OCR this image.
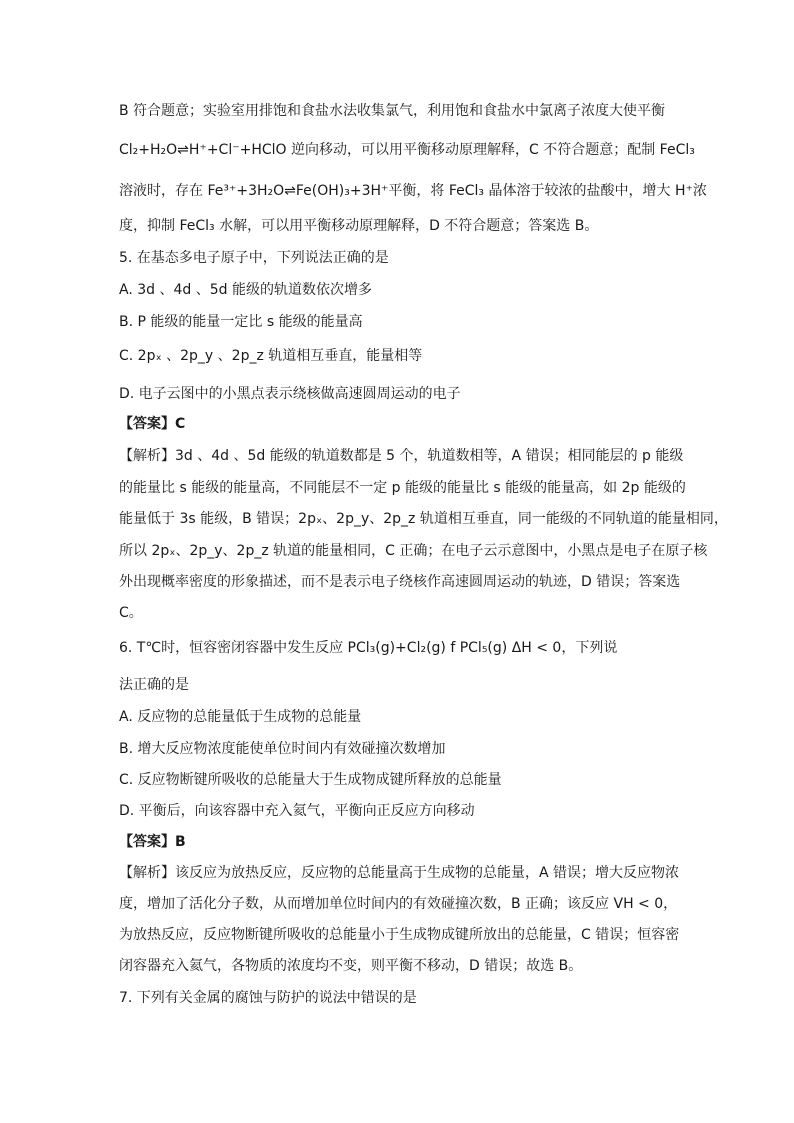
B 符合题意；实验室用排饱和食盐水法收集氯气，利用饱和食盐水中氯离子浓度大使平衡
Cl₂+H₂O⇌H⁺+Cl⁻+HClO 逆向移动，可以用平衡移动原理解释，C 不符合题意；配制 FeCl₃
溶液时，存在 Fe³⁺+3H₂O⇌Fe(OH)₃+3H⁺平衡，将 FeCl₃ 晶体溶于较浓的盐酸中，增大 H⁺浓
度，抑制 FeCl₃ 水解，可以用平衡移动原理解释，D 不符合题意；答案选 B。
5. 在基态多电子原子中，下列说法正确的是
A. 3d 、4d 、5d 能级的轨道数依次增多
B. P 能级的能量一定比 s 能级的能量高
C. 2pₓ 、2p_y 、2p_z 轨道相互垂直，能量相等
D. 电子云图中的小黑点表示绕核做高速圆周运动的电子
【答案】C
【解析】3d 、4d 、5d 能级的轨道数都是 5 个，轨道数相等，A 错误；相同能层的 p 能级
的能量比 s 能级的能量高，不同能层不一定 p 能级的能量比 s 能级的能量高，如 2p 能级的
能量低于 3s 能级，B 错误；2pₓ、2p_y、2p_z 轨道相互垂直，同一能级的不同轨道的能量相同，
所以 2pₓ、2p_y、2p_z 轨道的能量相同，C 正确；在电子云示意图中，小黑点是电子在原子核
外出现概率密度的形象描述，而不是表示电子绕核作高速圆周运动的轨迹，D 错误；答案选
C。
6. T℃时，恒容密闭容器中发生反应 PCl₃(g)+Cl₂(g) f PCl₅(g) ΔH < 0，下列说
法正确的是
A. 反应物的总能量低于生成物的总能量
B. 增大反应物浓度能使单位时间内有效碰撞次数增加
C. 反应物断键所吸收的总能量大于生成物成键所释放的总能量
D. 平衡后，向该容器中充入氦气，平衡向正反应方向移动
【答案】B
【解析】该反应为放热反应，反应物的总能量高于生成物的总能量，A 错误；增大反应物浓
度，增加了活化分子数，从而增加单位时间内的有效碰撞次数，B 正确；该反应 VH < 0，
为放热反应，反应物断键所吸收的总能量小于生成物成键所放出的总能量，C 错误；恒容密
闭容器充入氦气，各物质的浓度均不变，则平衡不移动，D 错误；故选 B。
7. 下列有关金属的腐蚀与防护的说法中错误的是
